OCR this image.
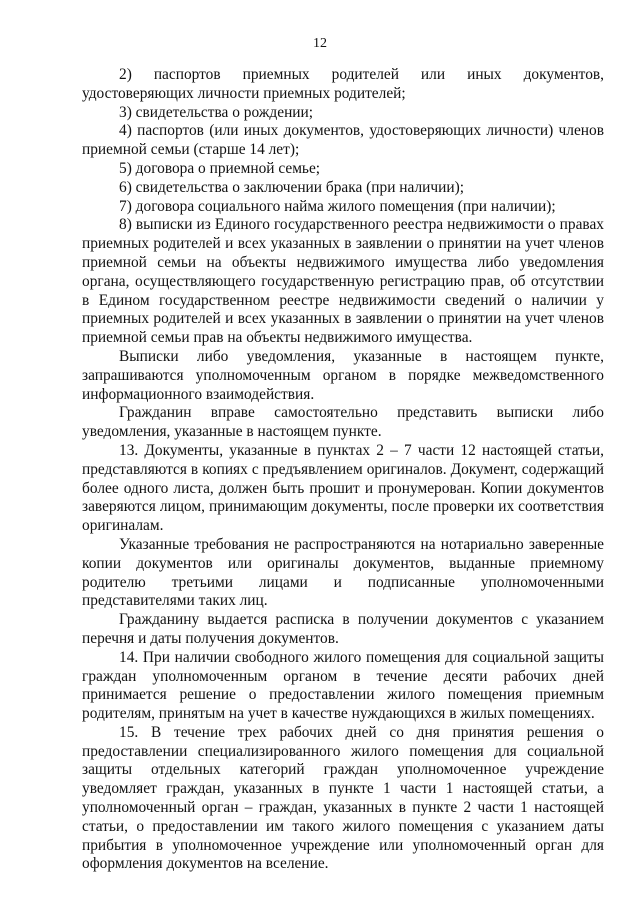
12

2) паспортов приемных родителей или иных документов, удостоверяющих личности приемных родителей;

3) свидетельства о рождении;

4) паспортов (или иных документов, удостоверяющих личности) членов приемной семьи (старше 14 лет);

5) договора о приемной семье;

6) свидетельства о заключении брака (при наличии);

7) договора социального найма жилого помещения (при наличии);

8) выписки из Единого государственного реестра недвижимости о правах приемных родителей и всех указанных в заявлении о принятии на учет членов приемной семьи на объекты недвижимого имущества либо уведомления органа, осуществляющего государственную регистрацию прав, об отсутствии в Едином государственном реестре недвижимости сведений о наличии у приемных родителей и всех указанных в заявлении о принятии на учет членов приемной семьи прав на объекты недвижимого имущества.

Выписки либо уведомления, указанные в настоящем пункте, запрашиваются уполномоченным органом в порядке межведомственного информационного взаимодействия.

Гражданин вправе самостоятельно представить выписки либо уведомления, указанные в настоящем пункте.

13. Документы, указанные в пунктах 2 – 7 части 12 настоящей статьи, представляются в копиях с предъявлением оригиналов. Документ, содержащий более одного листа, должен быть прошит и пронумерован. Копии документов заверяются лицом, принимающим документы, после проверки их соответствия оригиналам.

Указанные требования не распространяются на нотариально заверенные копии документов или оригиналы документов, выданные приемному родителю третьими лицами и подписанные уполномоченными представителями таких лиц.

Гражданину выдается расписка в получении документов с указанием перечня и даты получения документов.

14. При наличии свободного жилого помещения для социальной защиты граждан уполномоченным органом в течение десяти рабочих дней принимается решение о предоставлении жилого помещения приемным родителям, принятым на учет в качестве нуждающихся в жилых помещениях.

15. В течение трех рабочих дней со дня принятия решения о предоставлении специализированного жилого помещения для социальной защиты отдельных категорий граждан уполномоченное учреждение уведомляет граждан, указанных в пункте 1 части 1 настоящей статьи, а уполномоченный орган – граждан, указанных в пункте 2 части 1 настоящей статьи, о предоставлении им такого жилого помещения с указанием даты прибытия в уполномоченное учреждение или уполномоченный орган для оформления документов на вселение.
